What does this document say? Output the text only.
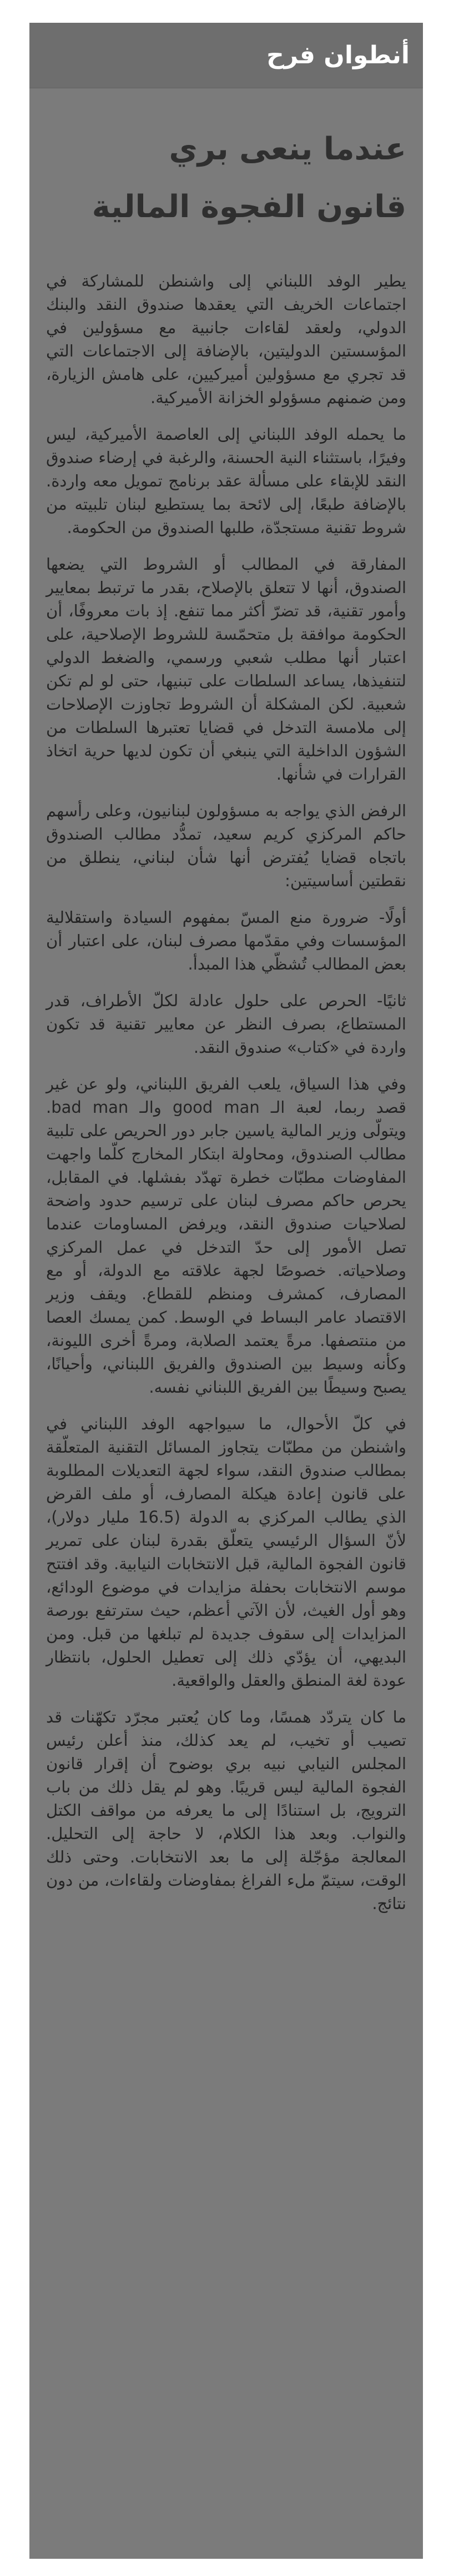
أنطوان فرح
عندما ينعى بري
قانون الفجوة المالية

يطير الوفد اللبناني إلى واشنطن للمشاركة في اجتماعات الخريف التي يعقدها صندوق النقد والبنك الدولي، ولعقد لقاءات جانبية مع مسؤولين في المؤسستين الدوليتين، بالإضافة إلى الاجتماعات التي قد تجري مع مسؤولين أميركيين، على هامش الزيارة، ومن ضمنهم مسؤولو الخزانة الأميركية.

ما يحمله الوفد اللبناني إلى العاصمة الأميركية، ليس وفيرًا، باستثناء النية الحسنة، والرغبة في إرضاء صندوق النقد للإبقاء على مسألة عقد برنامج تمويل معه واردة. بالإضافة طبعًا، إلى لائحة بما يستطيع لبنان تلبيته من شروط تقنية مستجدّة، طلبها الصندوق من الحكومة.

المفارقة في المطالب أو الشروط التي يضعها الصندوق، أنها لا تتعلق بالإصلاح، بقدر ما ترتبط بمعايير وأمور تقنية، قد تضرّ أكثر مما تنفع. إذ بات معروفًا، أن الحكومة موافقة بل متحمّسة للشروط الإصلاحية، على اعتبار أنها مطلب شعبي ورسمي، والضغط الدولي لتنفيذها، يساعد السلطات على تبنيها، حتى لو لم تكن شعبية. لكن المشكلة أن الشروط تجاوزت الإصلاحات إلى ملامسة التدخل في قضايا تعتبرها السلطات من الشؤون الداخلية التي ينبغي أن تكون لديها حرية اتخاذ القرارات في شأنها.

الرفض الذي يواجه به مسؤولون لبنانيون، وعلى رأسهم حاكم المركزي كريم سعيد، تمدُّد مطالب الصندوق باتجاه قضايا يُفترض أنها شأن لبناني، ينطلق من نقطتين أساسيتين:

أولًا- ضرورة منع المسّ بمفهوم السيادة واستقلالية المؤسسات وفي مقدّمها مصرف لبنان، على اعتبار أن بعض المطالب تُشظّي هذا المبدأ.

ثانيًا- الحرص على حلول عادلة لكلّ الأطراف، قدر المستطاع، بصرف النظر عن معايير تقنية قد تكون واردة في «كتاب» صندوق النقد.

وفي هذا السياق، يلعب الفريق اللبناني، ولو عن غير قصد ربما، لعبة الـ good man والـ bad man. ويتولّى وزير المالية ياسين جابر دور الحريص على تلبية مطالب الصندوق، ومحاولة ابتكار المخارج كلّما واجهت المفاوضات مطبّات خطرة تهدّد بفشلها. في المقابل، يحرص حاكم مصرف لبنان على ترسيم حدود واضحة لصلاحيات صندوق النقد، ويرفض المساومات عندما تصل الأمور إلى حدّ التدخل في عمل المركزي وصلاحياته. خصوصًا لجهة علاقته مع الدولة، أو مع المصارف، كمشرف ومنظم للقطاع. ويقف وزير الاقتصاد عامر البساط في الوسط. كمن يمسك العصا من منتصفها. مرةً يعتمد الصلابة، ومرةً أخرى الليونة، وكأنه وسيط بين الصندوق والفريق اللبناني، وأحيانًا، يصبح وسيطًا بين الفريق اللبناني نفسه.

في كلّ الأحوال، ما سيواجهه الوفد اللبناني في واشنطن من مطبّات يتجاوز المسائل التقنية المتعلّقة بمطالب صندوق النقد، سواء لجهة التعديلات المطلوبة على قانون إعادة هيكلة المصارف، أو ملف القرض الذي يطالب المركزي به الدولة (16.5 مليار دولار)، لأنّ السؤال الرئيسي يتعلّق بقدرة لبنان على تمرير قانون الفجوة المالية، قبل الانتخابات النيابية. وقد افتتح موسم الانتخابات بحفلة مزايدات في موضوع الودائع، وهو أول الغيث، لأن الآتي أعظم، حيث سترتفع بورصة المزايدات إلى سقوف جديدة لم تبلغها من قبل. ومن البديهي، أن يؤدّي ذلك إلى تعطيل الحلول، بانتظار عودة لغة المنطق والعقل والواقعية.

ما كان يتردّد همسًا، وما كان يُعتبر مجرّد تكهّنات قد تصيب أو تخيب، لم يعد كذلك، منذ أعلن رئيس المجلس النيابي نبيه بري بوضوح أن إقرار قانون الفجوة المالية ليس قريبًا. وهو لم يقل ذلك من باب الترويج، بل استنادًا إلى ما يعرفه من مواقف الكتل والنواب. وبعد هذا الكلام، لا حاجة إلى التحليل. المعالجة مؤجّلة إلى ما بعد الانتخابات. وحتى ذلك الوقت، سيتمّ ملء الفراغ بمفاوضات ولقاءات، من دون نتائج.
